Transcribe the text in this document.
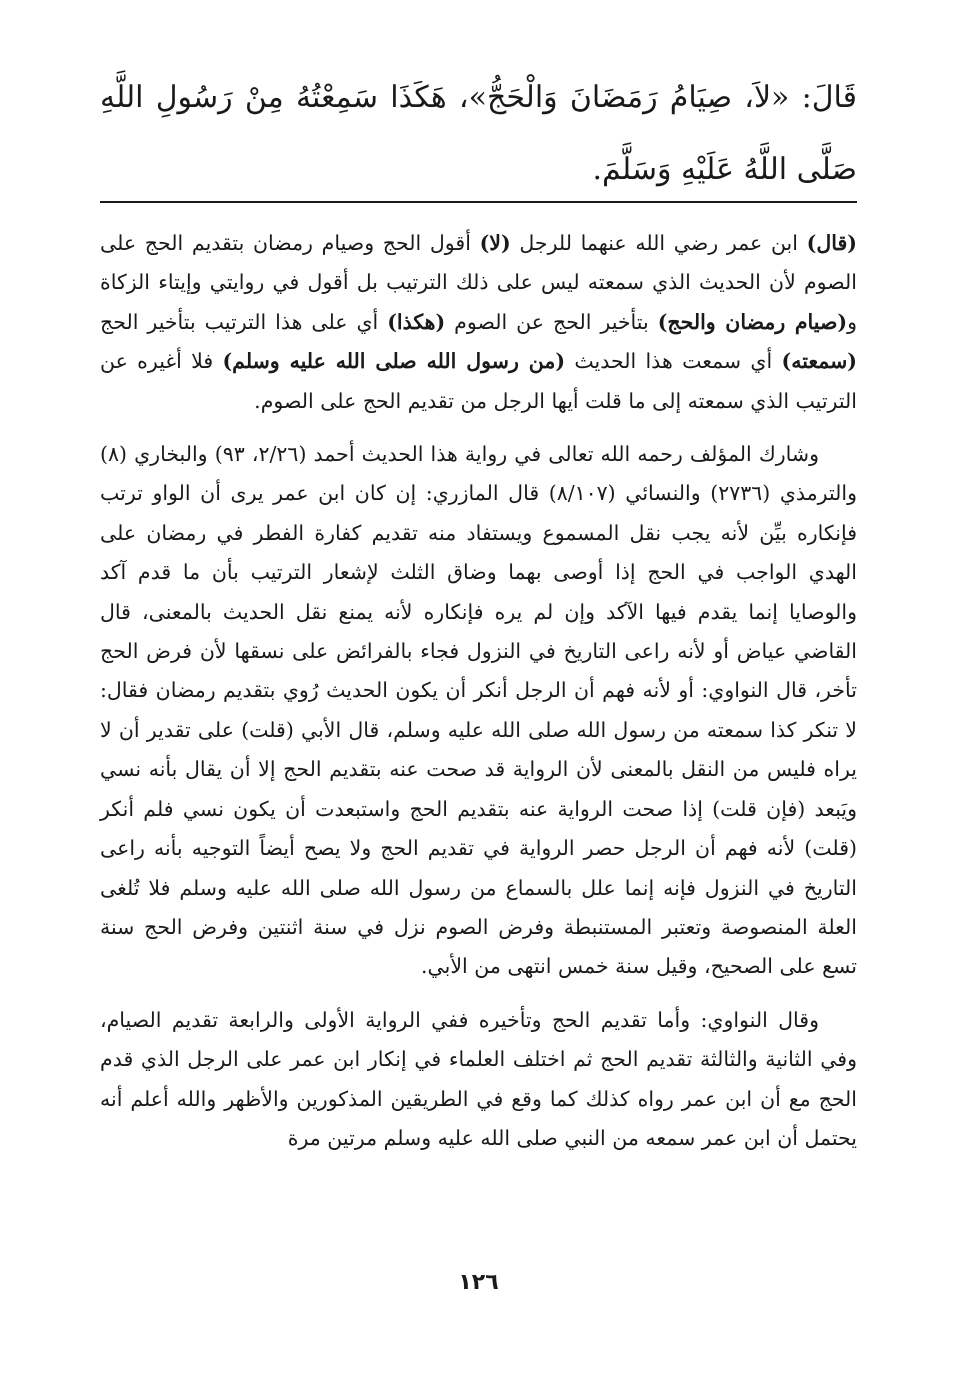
قَالَ: «لاَ، صِيَامُ رَمَضَانَ وَالْحَجُّ»، هَكَذَا سَمِعْتُهُ مِنْ رَسُولِ اللَّهِ صَلَّى اللَّهُ عَلَيْهِ وَسَلَّمَ.

(قال) ابن عمر رضي الله عنهما للرجل (لا) أقول الحج وصيام رمضان بتقديم الحج على الصوم لأن الحديث الذي سمعته ليس على ذلك الترتيب بل أقول في روايتي وإيتاء الزكاة و(صيام رمضان والحج) بتأخير الحج عن الصوم (هكذا) أي على هذا الترتيب بتأخير الحج (سمعته) أي سمعت هذا الحديث (من رسول الله صلى الله عليه وسلم) فلا أغيره عن الترتيب الذي سمعته إلى ما قلت أيها الرجل من تقديم الحج على الصوم.

وشارك المؤلف رحمه الله تعالى في رواية هذا الحديث أحمد (٢/٢٦، ٩٣) والبخاري (٨) والترمذي (٢٧٣٦) والنسائي (٨/١٠٧) قال المازري: إن كان ابن عمر يرى أن الواو ترتب فإنكاره بيِّن لأنه يجب نقل المسموع ويستفاد منه تقديم كفارة الفطر في رمضان على الهدي الواجب في الحج إذا أوصى بهما وضاق الثلث لإشعار الترتيب بأن ما قدم آكد والوصايا إنما يقدم فيها الآكد وإن لم يره فإنكاره لأنه يمنع نقل الحديث بالمعنى، قال القاضي عياض أو لأنه راعى التاريخ في النزول فجاء بالفرائض على نسقها لأن فرض الحج تأخر، قال النواوي: أو لأنه فهم أن الرجل أنكر أن يكون الحديث رُوي بتقديم رمضان فقال: لا تنكر كذا سمعته من رسول الله صلى الله عليه وسلم، قال الأبي (قلت) على تقدير أن لا يراه فليس من النقل بالمعنى لأن الرواية قد صحت عنه بتقديم الحج إلا أن يقال بأنه نسي ويَبعد (فإن قلت) إذا صحت الرواية عنه بتقديم الحج واستبعدت أن يكون نسي فلم أنكر (قلت) لأنه فهم أن الرجل حصر الرواية في تقديم الحج ولا يصح أيضاً التوجيه بأنه راعى التاريخ في النزول فإنه إنما علل بالسماع من رسول الله صلى الله عليه وسلم فلا تُلغى العلة المنصوصة وتعتبر المستنبطة وفرض الصوم نزل في سنة اثنتين وفرض الحج سنة تسع على الصحيح، وقيل سنة خمس انتهى من الأبي.

وقال النواوي: وأما تقديم الحج وتأخيره ففي الرواية الأولى والرابعة تقديم الصيام، وفي الثانية والثالثة تقديم الحج ثم اختلف العلماء في إنكار ابن عمر على الرجل الذي قدم الحج مع أن ابن عمر رواه كذلك كما وقع في الطريقين المذكورين والأظهر والله أعلم أنه يحتمل أن ابن عمر سمعه من النبي صلى الله عليه وسلم مرتين مرة

١٢٦
